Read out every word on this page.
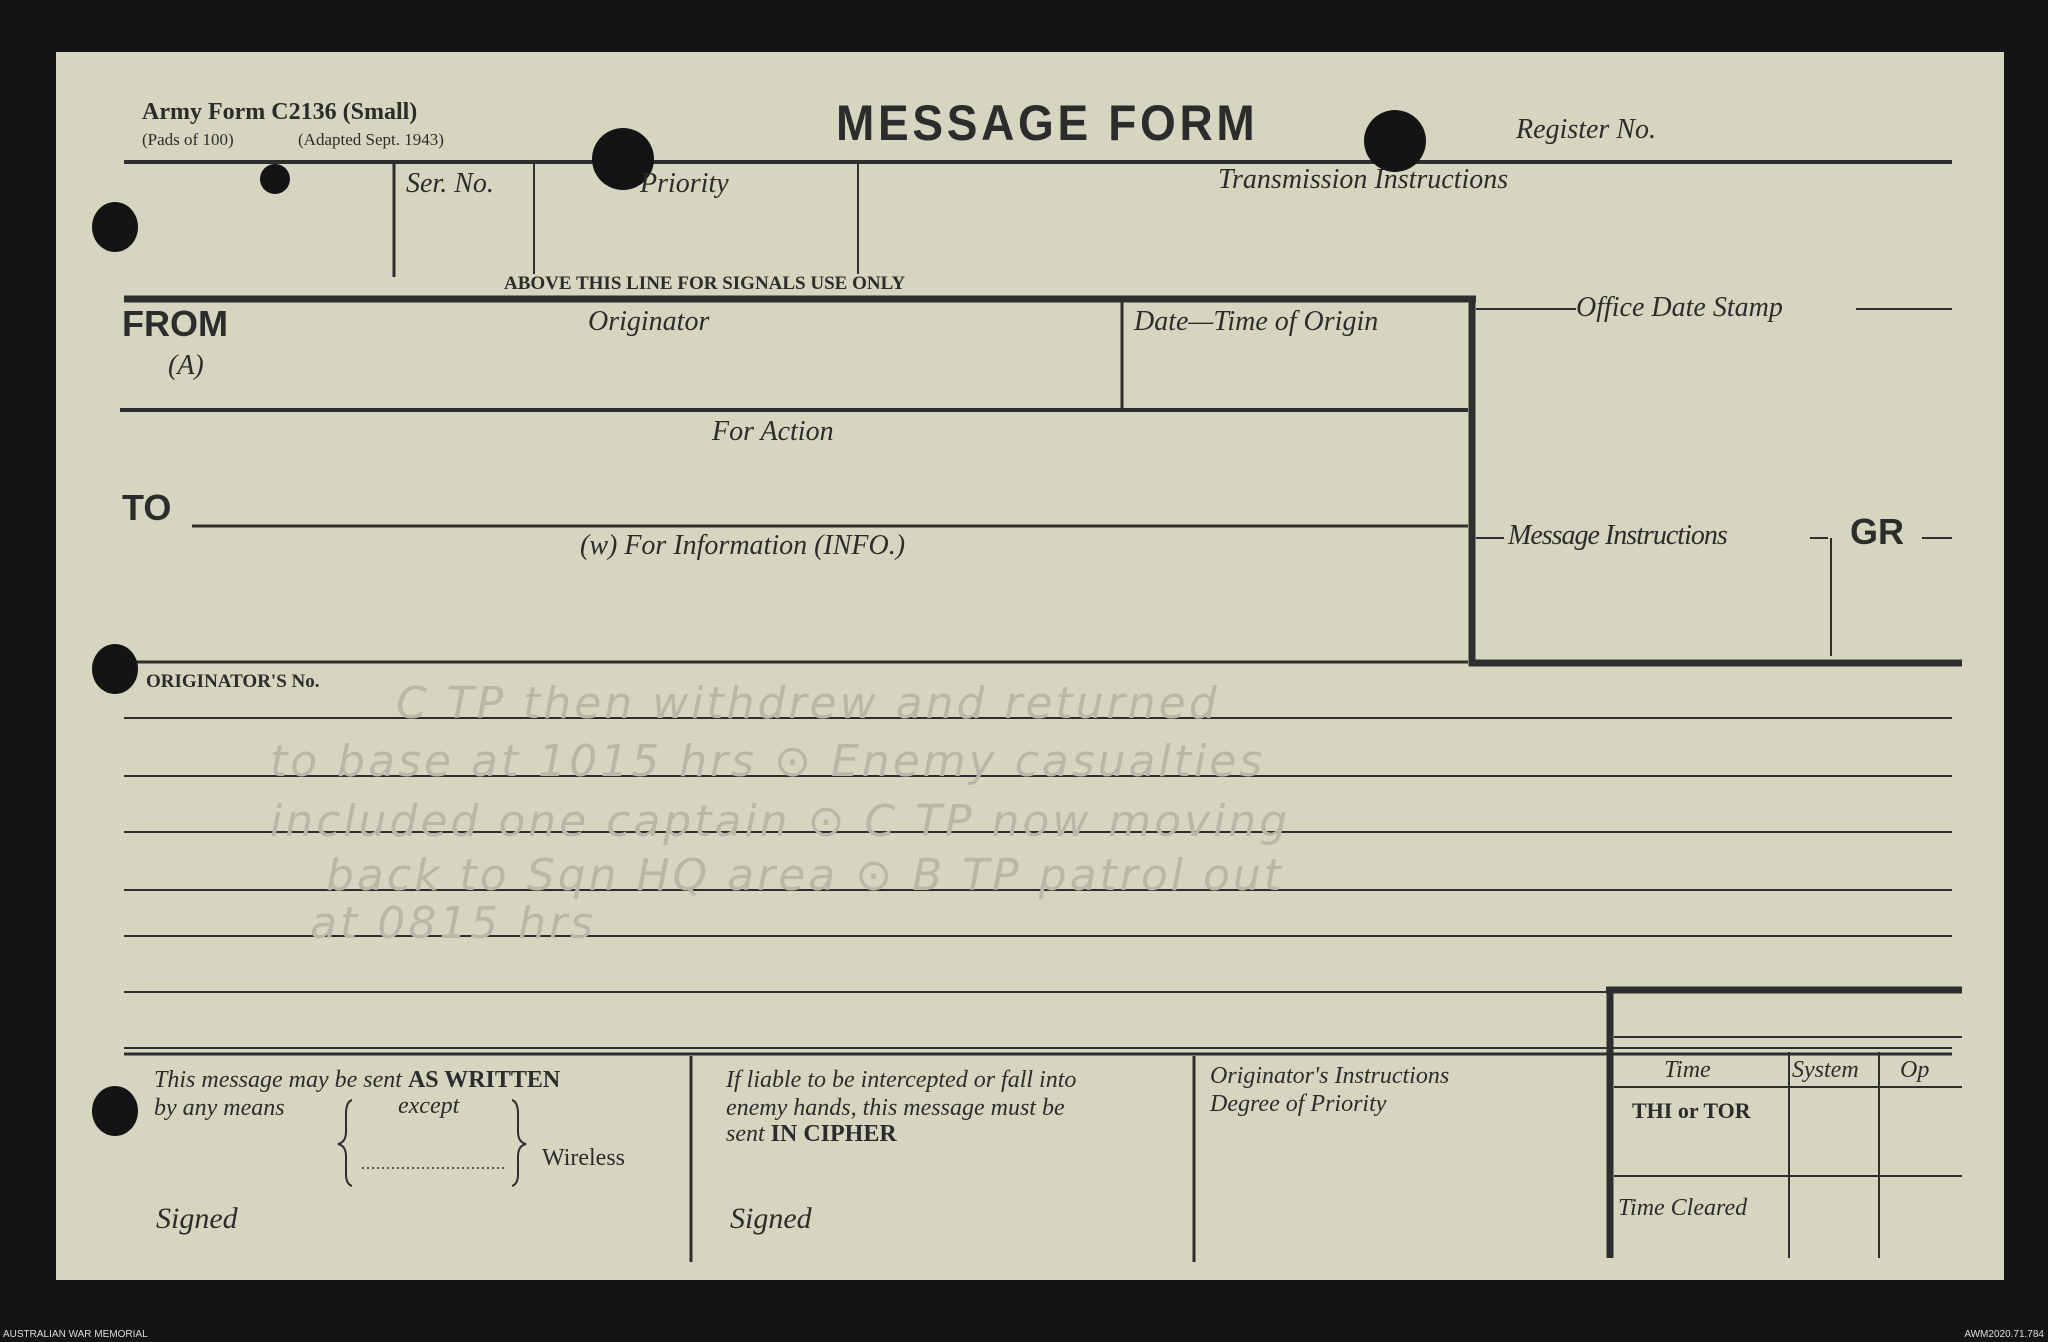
Army Form C2136 (Small)
(Pads of 100)	(Adapted Sept. 1943)	MESSAGE FORM	Register No.
Ser. No.	Priority	Transmission Instructions
ABOVE THIS LINE FOR SIGNALS USE ONLY
FROM
(A)
Originator	Date—Time of Origin	Office Date Stamp
For Action
TO
(w) For Information (INFO.)	Message Instructions	GR
ORIGINATOR'S No. C TP then withdrew and returned
to base at 1015 hrs ⊙ Enemy casualties
included one captain ⊙ C TP now moving
back to Sqn HQ area ⊙ B TP patrol out
at 0815 hrs
This message may be sent AS WRITTEN
by any means	except
Wireless
Signed
If liable to be intercepted or fall into
enemy hands, this message must be
sent IN CIPHER
Signed
Originator's Instructions
Degree of Priority
Time	System Op
THI or TOR
Time Cleared
AUSTRALIAN WAR MEMORIAL	AWM2020.71.784
